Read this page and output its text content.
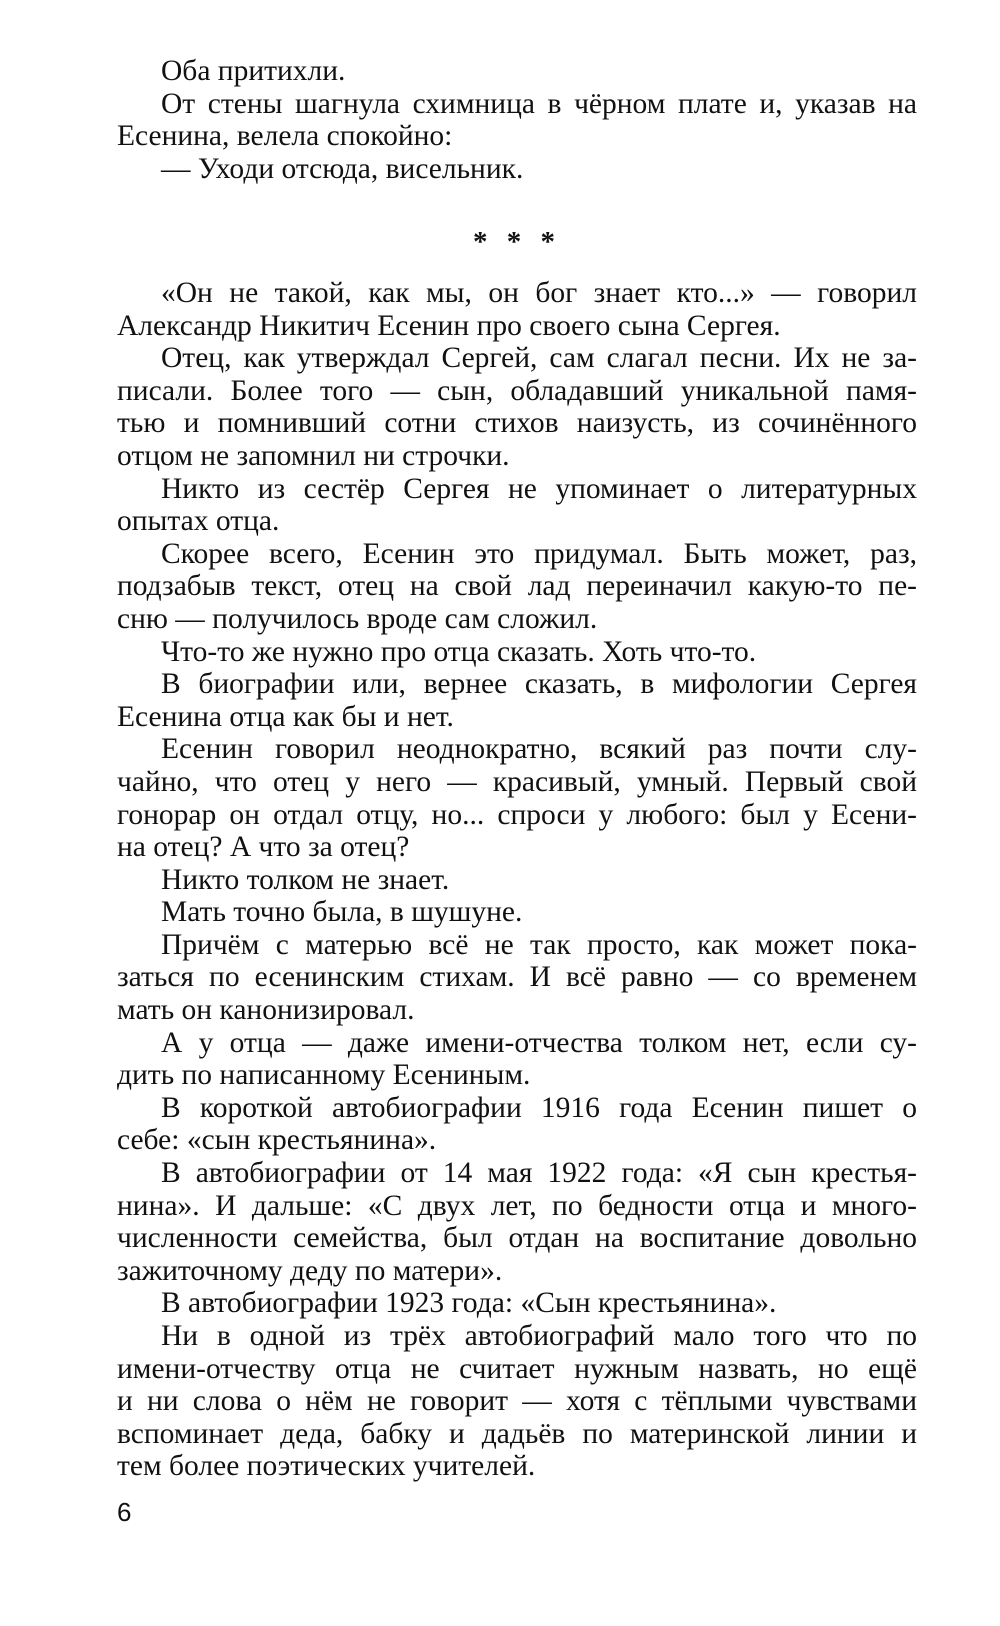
Оба притихли.

От стены шагнула схимница в чёрном плате и, указав на
Есенина, велела спокойно:

— Уходи отсюда, висельник.

* * *

«Он не такой, как мы, он бог знает кто...» — говорил
Александр Никитич Есенин про своего сына Сергея.

Отец, как утверждал Сергей, сам слагал песни. Их не за-
писали. Более того — сын, обладавший уникальной памя-
тью и помнивший сотни стихов наизусть, из сочинённого
отцом не запомнил ни строчки.

Никто из сестёр Сергея не упоминает о литературных
опытах отца.

Скорее всего, Есенин это придумал. Быть может, раз,
подзабыв текст, отец на свой лад переиначил какую-то пе-
сню — получилось вроде сам сложил.

Что-то же нужно про отца сказать. Хоть что-то.

В биографии или, вернее сказать, в мифологии Сергея
Есенина отца как бы и нет.

Есенин говорил неоднократно, всякий раз почти слу-
чайно, что отец у него — красивый, умный. Первый свой
гонорар он отдал отцу, но... спроси у любого: был у Есени-
на отец? А что за отец?

Никто толком не знает.

Мать точно была, в шушуне.

Причём с матерью всё не так просто, как может пока-
заться по есенинским стихам. И всё равно — со временем
мать он канонизировал.

А у отца — даже имени-отчества толком нет, если су-
дить по написанному Есениным.

В короткой автобиографии 1916 года Есенин пишет о
себе: «сын крестьянина».

В автобиографии от 14 мая 1922 года: «Я сын крестья-
нина». И дальше: «С двух лет, по бедности отца и много-
численности семейства, был отдан на воспитание довольно
зажиточному деду по матери».

В автобиографии 1923 года: «Сын крестьянина».

Ни в одной из трёх автобиографий мало того что по
имени-отчеству отца не считает нужным назвать, но ещё
и ни слова о нём не говорит — хотя с тёплыми чувствами
вспоминает деда, бабку и дадьёв по материнской линии и
тем более поэтических учителей.

6
